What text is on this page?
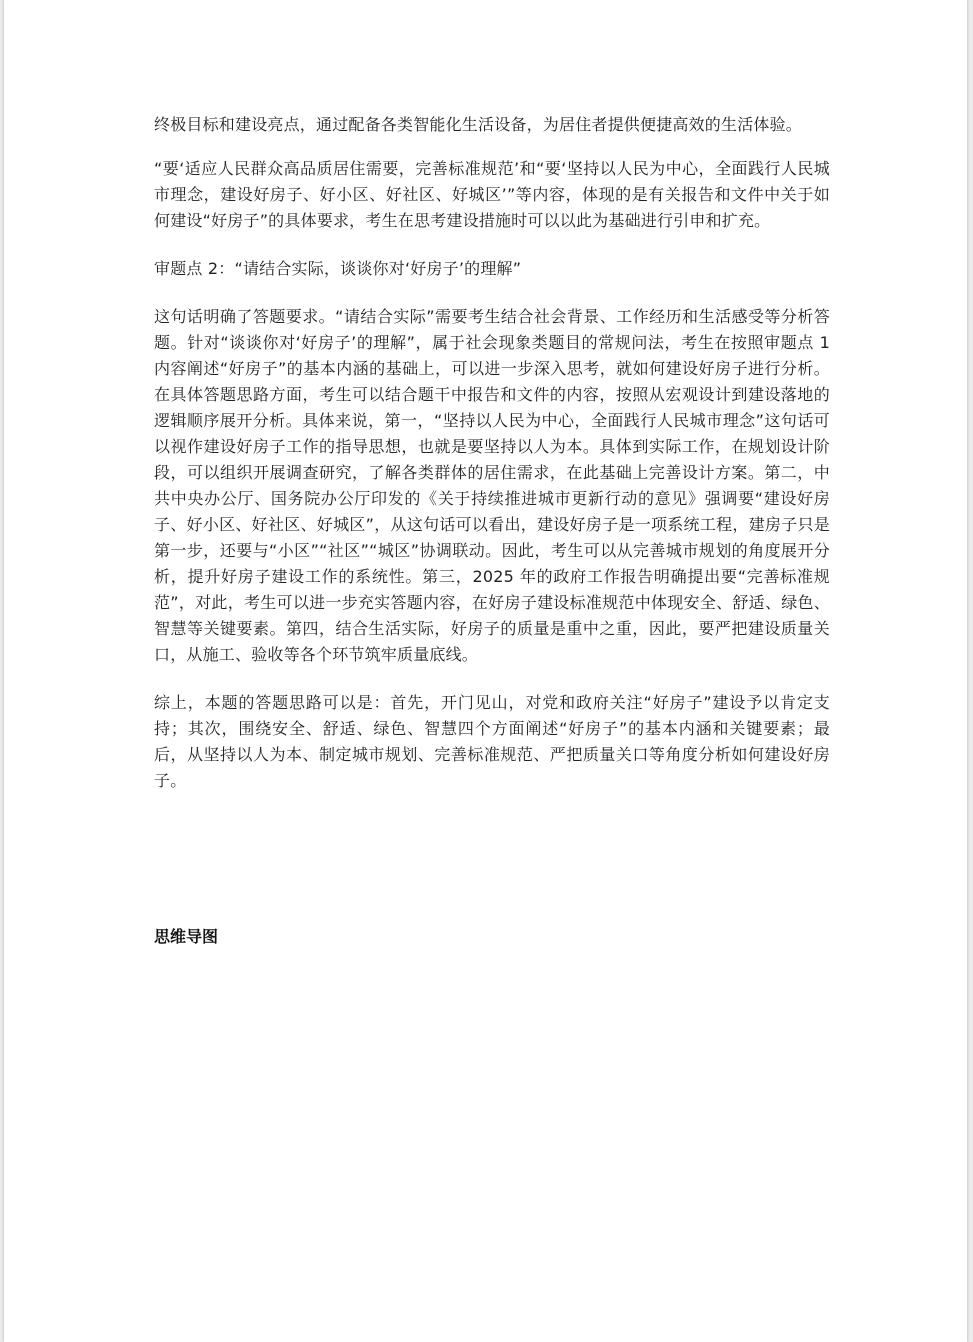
终极目标和建设亮点，通过配备各类智能化生活设备，为居住者提供便捷高效的生活体验。

“要‘适应人民群众高品质居住需要，完善标准规范’和“要‘坚持以人民为中心，全面践行人民城市理念，建设好房子、好小区、好社区、好城区’”等内容，体现的是有关报告和文件中关于如何建设“好房子”的具体要求，考生在思考建设措施时可以以此为基础进行引申和扩充。

审题点 2：“请结合实际，谈谈你对‘好房子’的理解”

这句话明确了答题要求。“请结合实际”需要考生结合社会背景、工作经历和生活感受等分析答题。针对“谈谈你对‘好房子’的理解”，属于社会现象类题目的常规问法，考生在按照审题点 1 内容阐述“好房子”的基本内涵的基础上，可以进一步深入思考，就如何建设好房子进行分析。在具体答题思路方面，考生可以结合题干中报告和文件的内容，按照从宏观设计到建设落地的逻辑顺序展开分析。具体来说，第一，“坚持以人民为中心，全面践行人民城市理念”这句话可以视作建设好房子工作的指导思想，也就是要坚持以人为本。具体到实际工作，在规划设计阶段，可以组织开展调查研究，了解各类群体的居住需求，在此基础上完善设计方案。第二，中共中央办公厅、国务院办公厅印发的《关于持续推进城市更新行动的意见》强调要“建设好房子、好小区、好社区、好城区”，从这句话可以看出，建设好房子是一项系统工程，建房子只是第一步，还要与“小区”“社区”“城区”协调联动。因此，考生可以从完善城市规划的角度展开分析，提升好房子建设工作的系统性。第三，2025 年的政府工作报告明确提出要“完善标准规范”，对此，考生可以进一步充实答题内容，在好房子建设标准规范中体现安全、舒适、绿色、智慧等关键要素。第四，结合生活实际，好房子的质量是重中之重，因此，要严把建设质量关口，从施工、验收等各个环节筑牢质量底线。

综上，本题的答题思路可以是：首先，开门见山，对党和政府关注“好房子”建设予以肯定支持；其次，围绕安全、舒适、绿色、智慧四个方面阐述“好房子”的基本内涵和关键要素；最后，从坚持以人为本、制定城市规划、完善标准规范、严把质量关口等角度分析如何建设好房子。

思维导图
